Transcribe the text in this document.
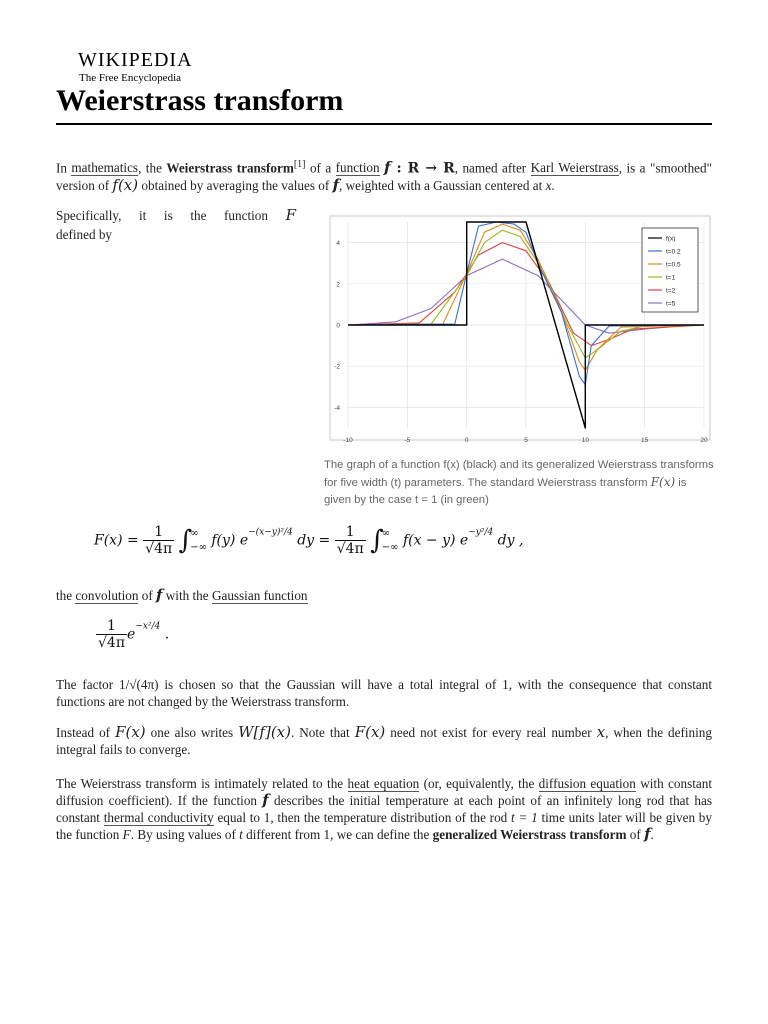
WIKIPEDIA
The Free Encyclopedia
Weierstrass transform

In mathematics, the Weierstrass transform[1] of a function f : R → R, named after Karl Weierstrass, is a "smoothed" version of f(x) obtained by averaging the values of f, weighted with a Gaussian centered at x.

Specifically, it is the function F

defined by

-10	-5	0	5	10	15	20
4
2
0
-2
-4
f(x)
t=0.2
t=0.5
t=1
t=2
t=5
The graph of a function f(x) (black) and its generalized Weierstrass transforms for five width (t) parameters. The standard Weierstrass transform F(x) is given by the case t = 1 (in green)
$F(x) = \frac{1}{√4\pi}$ ∫∞
−∞ f(y) $e^{-(x-y)^2/4}$ dy = $\frac{1}{√4\pi}$ ∫∞
−∞ f(x − y) $e^{-y^2/4}$ dy ,

the convolution of f with the Gaussian function

$\frac{1}{√4\pi} e^{-x^2/4}$ .

The factor 1/√(4π) is chosen so that the Gaussian will have a total integral of 1, with the consequence that constant functions are not changed by the Weierstrass transform.

Instead of F(x) one also writes W[f](x). Note that F(x) need not exist for every real number x, when the defining integral fails to converge.

The Weierstrass transform is intimately related to the heat equation (or, equivalently, the diffusion equation with constant diffusion coefficient). If the function f describes the initial temperature at each point of an infinitely long rod that has constant thermal conductivity equal to 1, then the temperature distribution of the rod t = 1 time units later will be given by the function F. By using values of t different from 1, we can define the generalized Weierstrass transform of f.
